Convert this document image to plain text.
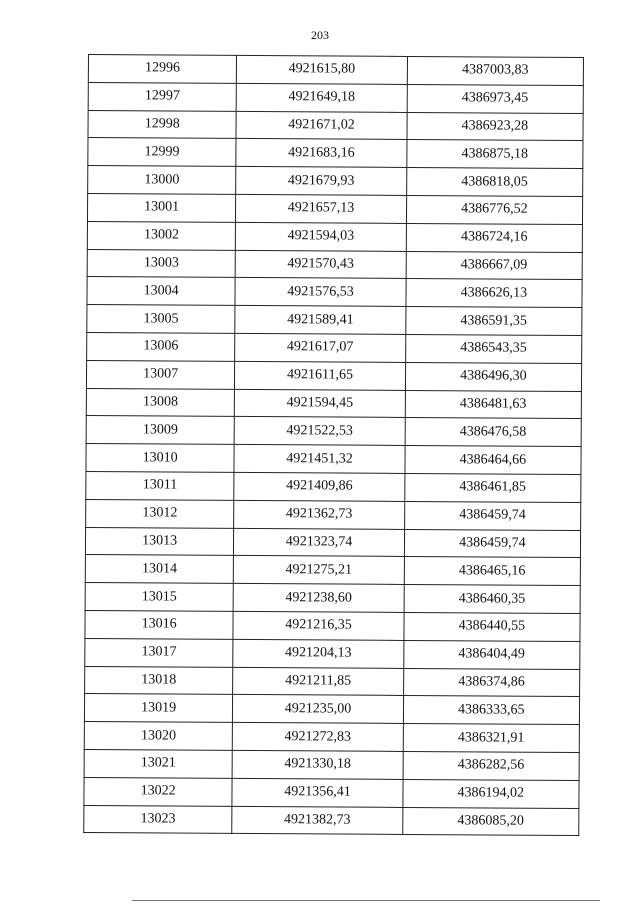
203
12996	4921615,80	4387003,83
12997	4921649,18	4386973,45
12998	4921671,02	4386923,28
12999	4921683,16	4386875,18
13000	4921679,93	4386818,05
13001	4921657,13	4386776,52
13002	4921594,03	4386724,16
13003	4921570,43	4386667,09
13004	4921576,53	4386626,13
13005	4921589,41	4386591,35
13006	4921617,07	4386543,35
13007	4921611,65	4386496,30
13008	4921594,45	4386481,63
13009	4921522,53	4386476,58
13010	4921451,32	4386464,66
13011	4921409,86	4386461,85
13012	4921362,73	4386459,74
13013	4921323,74	4386459,74
13014	4921275,21	4386465,16
13015	4921238,60	4386460,35
13016	4921216,35	4386440,55
13017	4921204,13	4386404,49
13018	4921211,85	4386374,86
13019	4921235,00	4386333,65
13020	4921272,83	4386321,91
13021	4921330,18	4386282,56
13022	4921356,41	4386194,02
13023	4921382,73	4386085,20
